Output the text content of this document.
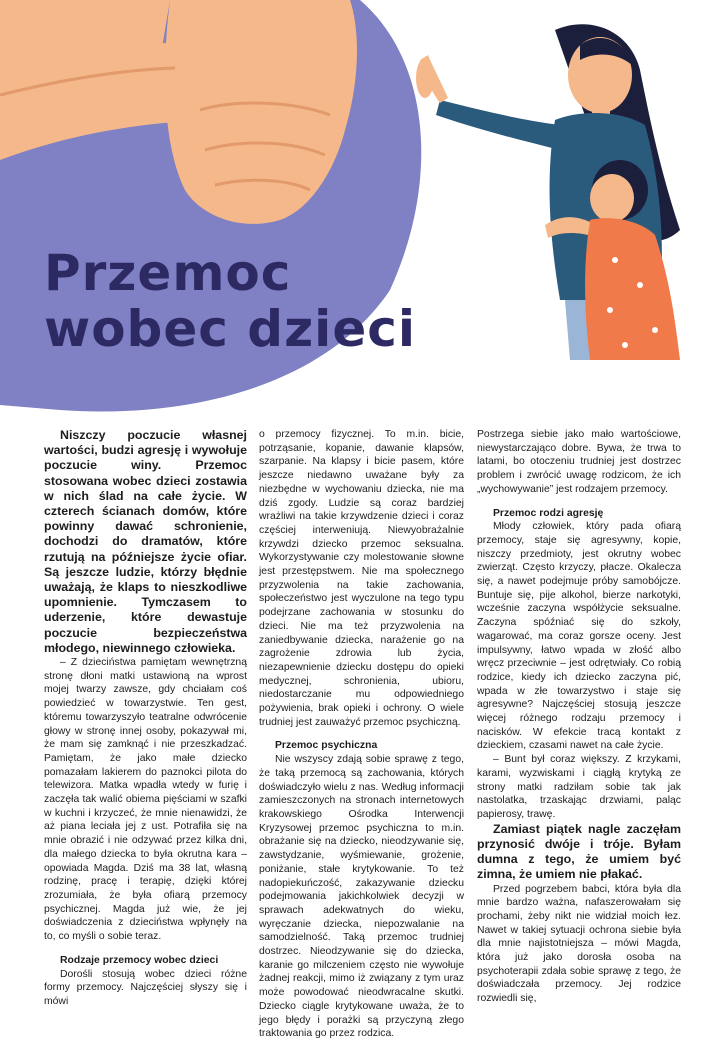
Przemoc
wobec dzieci

Niszczy poczucie własnej wartości, budzi agresję i wywołuje poczucie winy. Przemoc stosowana wobec dzieci zostawia w nich ślad na całe życie. W czterech ścianach domów, które powinny dawać schronienie, dochodzi do dramatów, które rzutują na późniejsze życie ofiar. Są jeszcze ludzie, którzy błędnie uważają, że klaps to nieszkodliwe upomnienie. Tymczasem to uderzenie, które dewastuje poczucie bezpieczeństwa młodego, niewinnego człowieka.

– Z dzieciństwa pamiętam wewnętrzną stronę dłoni matki ustawioną na wprost mojej twarzy zawsze, gdy chciałam coś powiedzieć w towarzystwie. Ten gest, któremu towarzyszyło teatralne odwrócenie głowy w stronę innej osoby, pokazywał mi, że mam się zamknąć i nie przeszkadzać. Pamiętam, że jako małe dziecko pomazałam lakierem do paznokci pilota do telewizora. Matka wpadła wtedy w furię i zaczęła tak walić obiema pięściami w szafki w kuchni i krzyczeć, że mnie nienawidzi, że aż piana leciała jej z ust. Potrafiła się na mnie obrazić i nie odzywać przez kilka dni, dla małego dziecka to była okrutna kara – opowiada Magda. Dziś ma 38 lat, własną rodzinę, pracę i terapię, dzięki której zrozumiała, że była ofiarą przemocy psychicznej. Magda już wie, że jej doświadczenia z dzieciństwa wpłynęły na to, co myśli o sobie teraz.

Rodzaje przemocy wobec dzieci

Dorośli stosują wobec dzieci różne formy przemocy. Najczęściej słyszy się i mówi

o przemocy fizycznej. To m.in. bicie, potrząsanie, kopanie, dawanie klapsów, szarpanie. Na klapsy i bicie pasem, które jeszcze niedawno uważane były za niezbędne w wychowaniu dziecka, nie ma dziś zgody. Ludzie są coraz bardziej wrażliwi na takie krzywdzenie dzieci i coraz częściej interweniują. Niewyobrażalnie krzywdzi dziecko przemoc seksualna. Wykorzystywanie czy molestowanie słowne jest przestępstwem. Nie ma społecznego przyzwolenia na takie zachowania, społeczeństwo jest wyczulone na tego typu podejrzane zachowania w stosunku do dzieci. Nie ma też przyzwolenia na zaniedbywanie dziecka, narażenie go na zagrożenie zdrowia lub życia, niezapewnienie dziecku dostępu do opieki medycznej, schronienia, ubioru, niedostarczanie mu odpowiedniego pożywienia, brak opieki i ochrony. O wiele trudniej jest zauważyć przemoc psychiczną.

Przemoc psychiczna

Nie wszyscy zdają sobie sprawę z tego, że taką przemocą są zachowania, których doświadczyło wielu z nas. Według informacji zamieszczonych na stronach internetowych krakowskiego Ośrodka Interwencji Kryzysowej przemoc psychiczna to m.in. obrażanie się na dziecko, nieodzywanie się, zawstydzanie, wyśmiewanie, grożenie, poniżanie, stałe krytykowanie. To też nadopiekuńczość, zakazywanie dziecku podejmowania jakichkolwiek decyzji w sprawach adekwatnych do wieku, wyręczanie dziecka, niepozwalanie na samodzielność. Taką przemoc trudniej dostrzec. Nieodzywanie się do dziecka, karanie go milczeniem często nie wywołuje żadnej reakcji, mimo iż związany z tym uraz może powodować nieodwracalne skutki. Dziecko ciągle krytykowane uważa, że to jego błędy i porażki są przyczyną złego traktowania go przez rodzica.

Postrzega siebie jako mało wartościowe, niewystarczająco dobre. Bywa, że trwa to latami, bo otoczeniu trudniej jest dostrzec problem i zwrócić uwagę rodzicom, że ich „wychowywanie” jest rodzajem przemocy.

Przemoc rodzi agresję

Młody człowiek, który pada ofiarą przemocy, staje się agresywny, kopie, niszczy przedmioty, jest okrutny wobec zwierząt. Często krzyczy, płacze. Okaleczа się, a nawet podejmuje próby samobójcze. Buntuje się, pije alkohol, bierze narkotyki, wcześnie zaczyna współżycie seksualne. Zaczyna spóźniać się do szkoły, wagarować, ma coraz gorsze oceny. Jest impulsywny, łatwo wpada w złość albo wręcz przeciwnie – jest odrętwiały. Co robią rodzice, kiedy ich dziecko zaczyna pić, wpada w złe towarzystwo i staje się agresywne? Najczęściej stosują jeszcze więcej różnego rodzaju przemocy i nacisków. W efekcie tracą kontakt z dzieckiem, czasami nawet na całe życie.

– Bunt był coraz większy. Z krzykami, karami, wyzwiskami i ciągłą krytyką ze strony matki radziłam sobie tak jak nastolatka, trzaskając drzwiami, paląc papierosy, trawę.

Zamiast piątek nagle zaczęłam przynosić dwóje i tróje. Byłam dumna z tego, że umiem być zimna, że umiem nie płakać.

Przed pogrzebem babci, która była dla mnie bardzo ważna, nafaszerowałam się prochami, żeby nikt nie widział moich łez. Nawet w takiej sytuacji ochrona siebie była dla mnie najistotniejsza – mówi Magda, która już jako dorosła osoba na psychoterapii zdała sobie sprawę z tego, że doświadczała przemocy. Jej rodzice rozwiedli się,
